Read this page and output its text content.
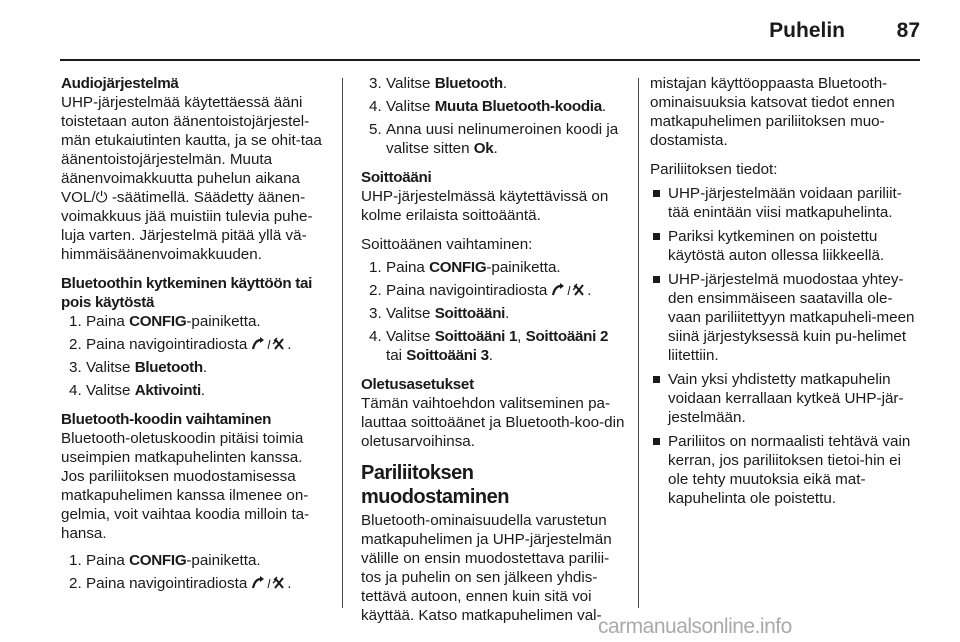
Puhelin	87
Audiojärjestelmä
UHP-järjestelmää käytettäessä ääni toistetaan auton äänentoistojärjestel-män etukaiutinten kautta, ja se ohit-taa äänentoistojärjestelmän. Muuta äänenvoimakkuutta puhelun aikana VOL/⏻ -säätimellä. Säädetty äänen-voimakkuus jää muistiin tulevia puhe-luja varten. Järjestelmä pitää yllä vä-himmäisäänenvoimakkuuden.
Bluetoothin kytkeminen käyttöön tai pois käytöstä
1. Paina CONFIG-painiketta.
2. Paina navigointiradiosta	.
3. Valitse Bluetooth.
4. Valitse Aktivointi.
Bluetooth-koodin vaihtaminen
Bluetooth-oletuskoodin pitäisi toimia useimpien matkapuhelinten kanssa. Jos pariliitoksen muodostamisessa matkapuhelimen kanssa ilmenee on-gelmia, voit vaihtaa koodia milloin ta-hansa.
1. Paina CONFIG-painiketta.
2. Paina navigointiradiosta	.
3. Valitse Bluetooth.
4. Valitse Muuta Bluetooth-koodia.
5. Anna uusi nelinumeroinen koodi ja valitse sitten Ok.
Soittoääni
UHP-järjestelmässä käytettävissä on kolme erilaista soittoääntä.
Soittoäänen vaihtaminen:
1. Paina CONFIG-painiketta.
2. Paina navigointiradiosta	.
3. Valitse Soittoääni.
4. Valitse Soittoääni 1, Soittoääni 2 tai Soittoääni 3.
Oletusasetukset
Tämän vaihtoehdon valitseminen pa-lauttaa soittoäänet ja Bluetooth-koo-din oletusarvoihinsa.
Pariliitoksen muodostaminen
Bluetooth-ominaisuudella varustetun matkapuhelimen ja UHP-järjestelmän välille on ensin muodostettava parilii-tos ja puhelin on sen jälkeen yhdis-tettävä autoon, ennen kuin sitä voi käyttää. Katso matkapuhelimen val-
mistajan käyttöoppaasta Bluetooth-ominaisuuksia katsovat tiedot ennen matkapuhelimen pariliitoksen muo-dostamista.
Pariliitoksen tiedot:
UHP-järjestelmään voidaan pariliit-tää enintään viisi matkapuhelinta.
Pariksi kytkeminen on poistettu käytöstä auton ollessa liikkeellä.
UHP-järjestelmä muodostaa yhtey-den ensimmäiseen saatavilla ole-vaan pariliitettyyn matkapuheli-meen siinä järjestyksessä kuin pu-helimet liitettiin.
Vain yksi yhdistetty matkapuhelin voidaan kerrallaan kytkeä UHP-jär-jestelmään.
Pariliitos on normaalisti tehtävä vain kerran, jos pariliitoksen tietoi-hin ei ole tehty muutoksia eikä mat-kapuhelinta ole poistettu.
carmanualsonline.info
